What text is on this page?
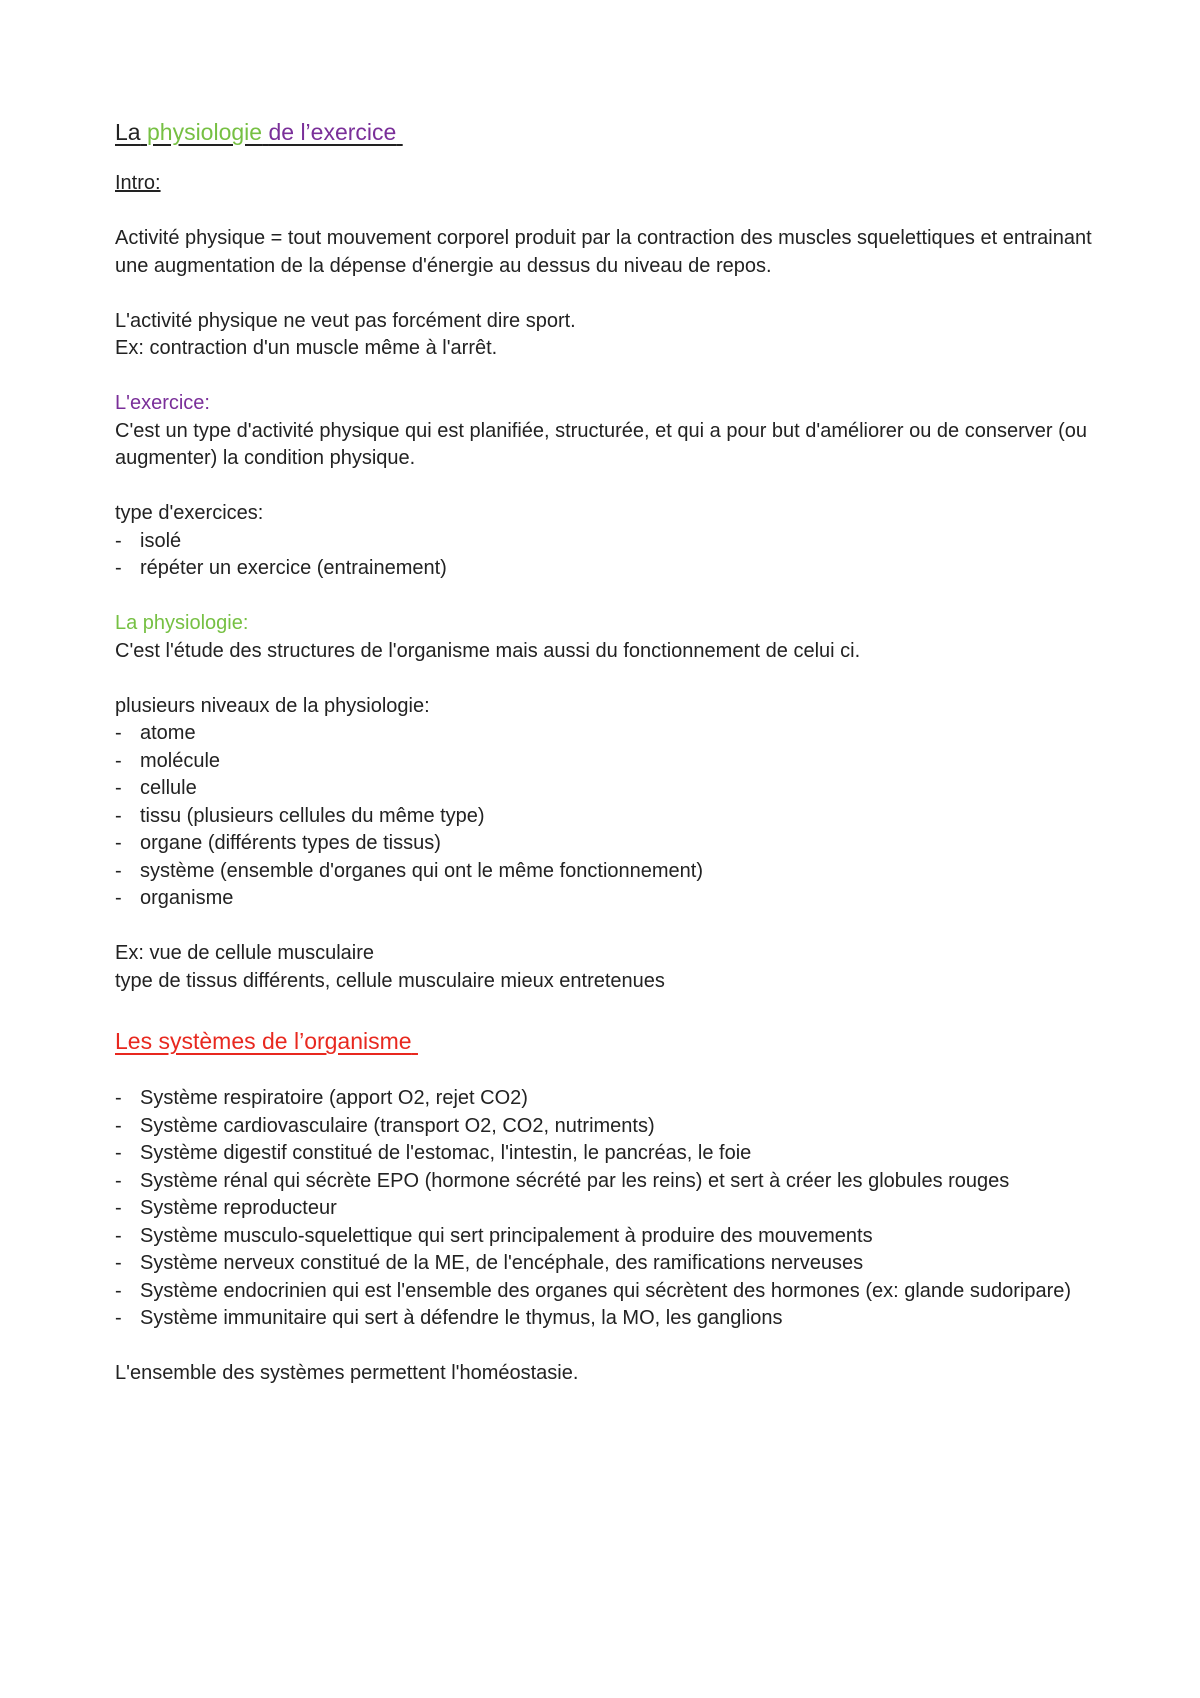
La physiologie de l’exercice

Intro:

Activité physique = tout mouvement corporel produit par la contraction des muscles squelettiques et entrainant une augmentation de la dépense d'énergie au dessus du niveau de repos.

L'activité physique ne veut pas forcément dire sport.

Ex: contraction d'un muscle même à l'arrêt.

L'exercice:

C'est un type d'activité physique qui est planifiée, structurée, et qui a pour but d'améliorer ou de conserver (ou augmenter) la condition physique.

type d'exercices:

- isolé
- répéter un exercice (entrainement)

La physiologie:

C'est l'étude des structures de l'organisme mais aussi du fonctionnement de celui ci.

plusieurs niveaux de la physiologie:

- atome
- molécule
- cellule
- tissu (plusieurs cellules du même type)
- organe (différents types de tissus)
- système (ensemble d'organes qui ont le même fonctionnement)
- organisme

Ex: vue de cellule musculaire

type de tissus différents, cellule musculaire mieux entretenues

Les systèmes de l’organisme
- Système respiratoire (apport O2, rejet CO2)
- Système cardiovasculaire (transport O2, CO2, nutriments)
- Système digestif constitué de l'estomac, l'intestin, le pancréas, le foie
- Système rénal qui sécrète EPO (hormone sécrété par les reins) et sert à créer les globules rouges
- Système reproducteur
- Système musculo-squelettique qui sert principalement à produire des mouvements
- Système nerveux constitué de la ME, de l'encéphale, des ramifications nerveuses
- Système endocrinien qui est l'ensemble des organes qui sécrètent des hormones (ex: glande sudoripare)
- Système immunitaire qui sert à défendre le thymus, la MO, les ganglions

L'ensemble des systèmes permettent l'homéostasie.
